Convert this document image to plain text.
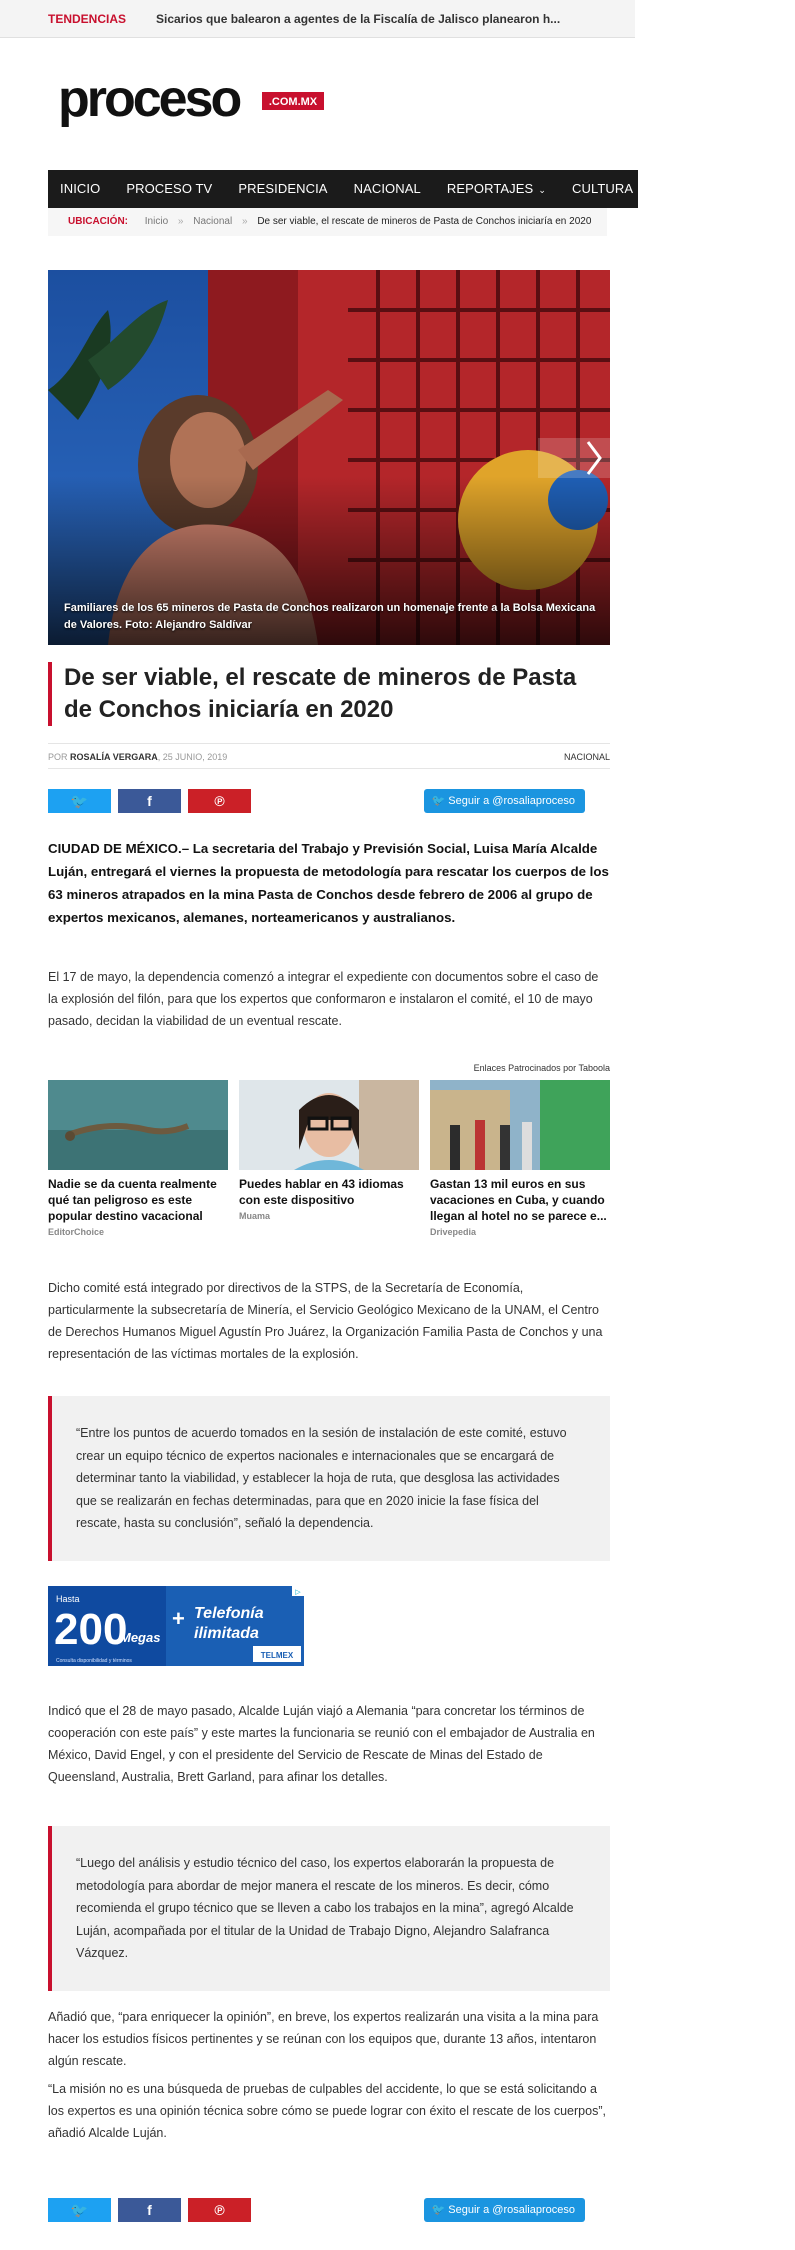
TENDENCIAS Sicarios que balearon a agentes de la Fiscalía de Jalisco planearon h...
proceso	.COM.MX
INICIO PROCESO TV PRESIDENCIA NACIONAL REPORTAJES ⌄ CULTURA OPINIÓN ⌄ MÁS
UBICACIÓN: Inicio » Nacional » De ser viable, el rescate de mineros de Pasta de Conchos iniciaría en 2020
Familiares de los 65 mineros de Pasta de Conchos realizaron un homenaje frente a la Bolsa Mexicana de Valores. Foto: Alejandro Saldívar
De ser viable, el rescate de mineros de Pasta de Conchos iniciaría en 2020
POR ROSALÍA VERGARA, 25 JUNIO, 2019	NACIONAL
🐦	f	℗	🐦 Seguir a @rosaliaproceso

CIUDAD DE MÉXICO.– La secretaria del Trabajo y Previsión Social, Luisa María Alcalde Luján, entregará el viernes la propuesta de metodología para rescatar los cuerpos de los 63 mineros atrapados en la mina Pasta de Conchos desde febrero de 2006 al grupo de expertos mexicanos, alemanes, norteamericanos y australianos.

El 17 de mayo, la dependencia comenzó a integrar el expediente con documentos sobre el caso de la explosión del filón, para que los expertos que conformaron e instalaron el comité, el 10 de mayo pasado, decidan la viabilidad de un eventual rescate.

Enlaces Patrocinados por Taboola
Nadie se da cuenta realmente qué tan peligroso es este popular destino vacacional
EditorChoice
Puedes hablar en 43 idiomas con este dispositivo
Muama
Gastan 13 mil euros en sus vacaciones en Cuba, y cuando llegan al hotel no se parece e...
Drivepedia

Dicho comité está integrado por directivos de la STPS, de la Secretaría de Economía, particularmente la subsecretaría de Minería, el Servicio Geológico Mexicano de la UNAM, el Centro de Derechos Humanos Miguel Agustín Pro Juárez, la Organización Familia Pasta de Conchos y una representación de las víctimas mortales de la explosión.

“Entre los puntos de acuerdo tomados en la sesión de instalación de este comité, estuvo crear un equipo técnico de expertos nacionales e internacionales que se encargará de determinar tanto la viabilidad, y establecer la hoja de ruta, que desglosa las actividades que se realizarán en fechas determinadas, para que en 2020 inicie la fase física del rescate, hasta su conclusión”, señaló la dependencia.
Hasta
200
Megas
+ Telefonía
ilimitada
TELMEX
Consulta disponibilidad y términos
▷

Indicó que el 28 de mayo pasado, Alcalde Luján viajó a Alemania “para concretar los términos de cooperación con este país” y este martes la funcionaria se reunió con el embajador de Australia en México, David Engel, y con el presidente del Servicio de Rescate de Minas del Estado de Queensland, Australia, Brett Garland, para afinar los detalles.

“Luego del análisis y estudio técnico del caso, los expertos elaborarán la propuesta de metodología para abordar de mejor manera el rescate de los mineros. Es decir, cómo recomienda el grupo técnico que se lleven a cabo los trabajos en la mina”, agregó Alcalde Luján, acompañada por el titular de la Unidad de Trabajo Digno, Alejandro Salafranca Vázquez.

Añadió que, “para enriquecer la opinión”, en breve, los expertos realizarán una visita a la mina para hacer los estudios físicos pertinentes y se reúnan con los equipos que, durante 13 años, intentaron algún rescate.

“La misión no es una búsqueda de pruebas de culpables del accidente, lo que se está solicitando a los expertos es una opinión técnica sobre cómo se puede lograr con éxito el rescate de los cuerpos”, añadió Alcalde Luján.

🐦	f	℗	🐦 Seguir a @rosaliaproceso
